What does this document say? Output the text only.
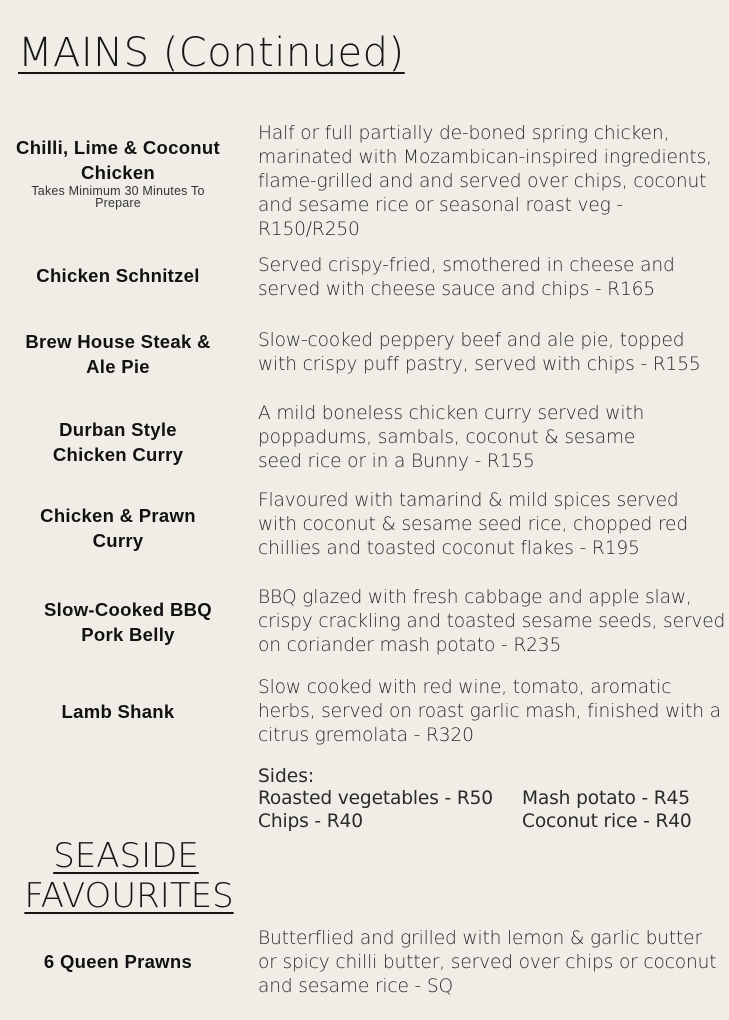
MAINS (Continued)
Chilli, Lime & Coconut Chicken
Takes Minimum 30 Minutes To Prepare

Half or full partially de-boned spring chicken,
marinated with Mozambican-inspired ingredients,
flame-grilled and and served over chips, coconut
and sesame rice or seasonal roast veg -
R150/R250

Chicken Schnitzel	Served crispy-fried, smothered in cheese and
served with cheese sauce and chips - R165

Brew House Steak & Ale Pie

Slow-cooked peppery beef and ale pie, topped
with crispy puff pastry, served with chips - R155

Durban Style Chicken Curry

A mild boneless chicken curry served with
poppadums, sambals, coconut & sesame
seed rice or in a Bunny - R155

Chicken & Prawn Curry

Flavoured with tamarind & mild spices served
with coconut & sesame seed rice, chopped red
chillies and toasted coconut flakes - R195

Slow-Cooked BBQ Pork Belly

BBQ glazed with fresh cabbage and apple slaw,
crispy crackling and toasted sesame seeds, served
on coriander mash potato - R235

Lamb Shank

Slow cooked with red wine, tomato, aromatic
herbs, served on roast garlic mash, finished with a
citrus gremolata - R320

Sides:
Roasted vegetables - R50 Mash potato - R45
Chips - R40	Coconut rice - R40
SEASIDE
FAVOURITES
6 Queen Prawns

Butterflied and grilled with lemon & garlic butter
or spicy chilli butter, served over chips or coconut
and sesame rice - SQ
